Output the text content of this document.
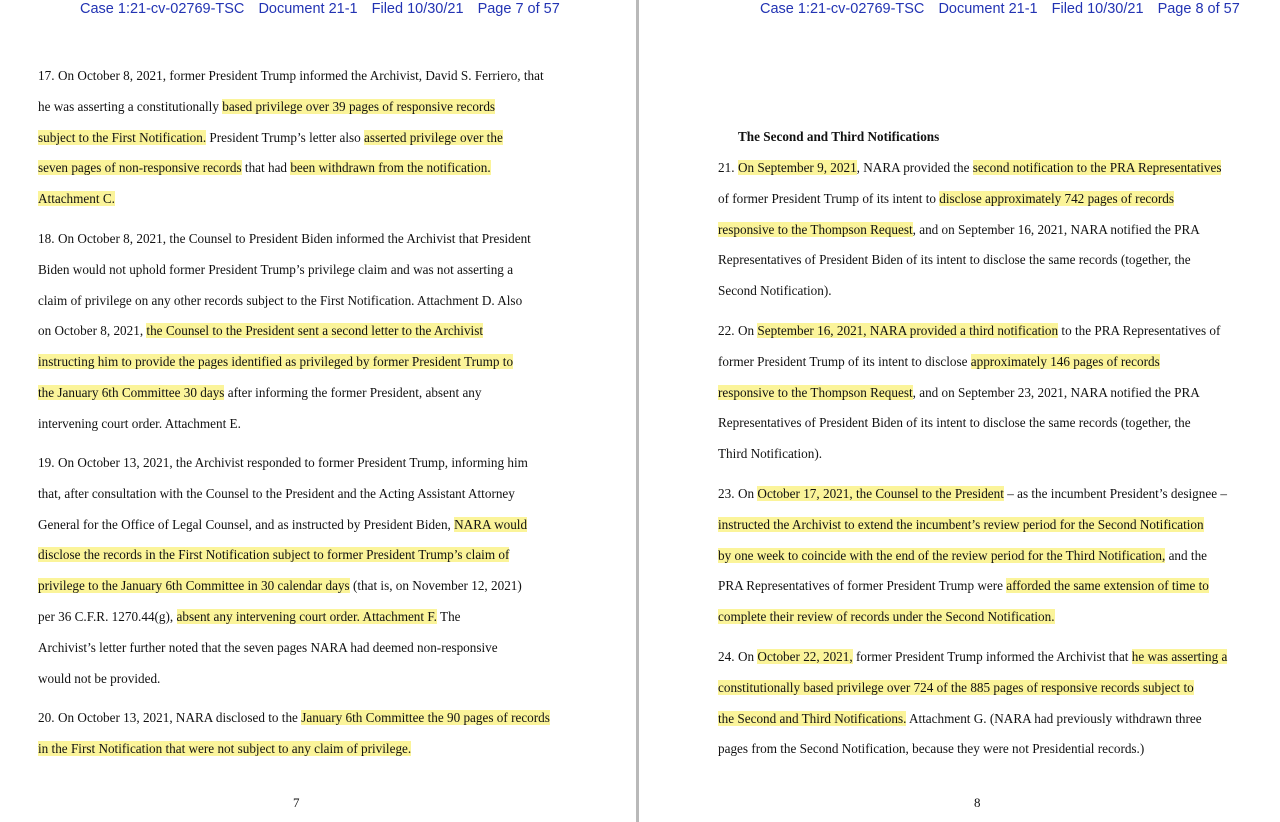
Case 1:21-cv-02769-TSC Document 21-1 Filed 10/30/21 Page 7 of 57

17. On October 8, 2021, former President Trump informed the Archivist, David S. Ferriero, that

he was asserting a constitutionally based privilege over 39 pages of responsive records

subject to the First Notification. President Trump’s letter also asserted privilege over the

seven pages of non-responsive records that had been withdrawn from the notification.

Attachment C.

18. On October 8, 2021, the Counsel to President Biden informed the Archivist that President

Biden would not uphold former President Trump’s privilege claim and was not asserting a

claim of privilege on any other records subject to the First Notification. Attachment D. Also

on October 8, 2021, the Counsel to the President sent a second letter to the Archivist

instructing him to provide the pages identified as privileged by former President Trump to

the January 6th Committee 30 days after informing the former President, absent any

intervening court order. Attachment E.

19. On October 13, 2021, the Archivist responded to former President Trump, informing him

that, after consultation with the Counsel to the President and the Acting Assistant Attorney

General for the Office of Legal Counsel, and as instructed by President Biden, NARA would

disclose the records in the First Notification subject to former President Trump’s claim of

privilege to the January 6th Committee in 30 calendar days (that is, on November 12, 2021)

per 36 C.F.R. 1270.44(g), absent any intervening court order. Attachment F. The

Archivist’s letter further noted that the seven pages NARA had deemed non-responsive

would not be provided.

20. On October 13, 2021, NARA disclosed to the January 6th Committee the 90 pages of records

in the First Notification that were not subject to any claim of privilege.

7
Case 1:21-cv-02769-TSC Document 21-1 Filed 10/30/21 Page 8 of 57
The Second and Third Notifications

21. On September 9, 2021, NARA provided the second notification to the PRA Representatives

of former President Trump of its intent to disclose approximately 742 pages of records

responsive to the Thompson Request, and on September 16, 2021, NARA notified the PRA

Representatives of President Biden of its intent to disclose the same records (together, the

Second Notification).

22. On September 16, 2021, NARA provided a third notification to the PRA Representatives of

former President Trump of its intent to disclose approximately 146 pages of records

responsive to the Thompson Request, and on September 23, 2021, NARA notified the PRA

Representatives of President Biden of its intent to disclose the same records (together, the

Third Notification).

23. On October 17, 2021, the Counsel to the President – as the incumbent President’s designee –

instructed the Archivist to extend the incumbent’s review period for the Second Notification

by one week to coincide with the end of the review period for the Third Notification, and the

PRA Representatives of former President Trump were afforded the same extension of time to

complete their review of records under the Second Notification.

24. On October 22, 2021, former President Trump informed the Archivist that he was asserting a

constitutionally based privilege over 724 of the 885 pages of responsive records subject to

the Second and Third Notifications. Attachment G. (NARA had previously withdrawn three

pages from the Second Notification, because they were not Presidential records.)

8
